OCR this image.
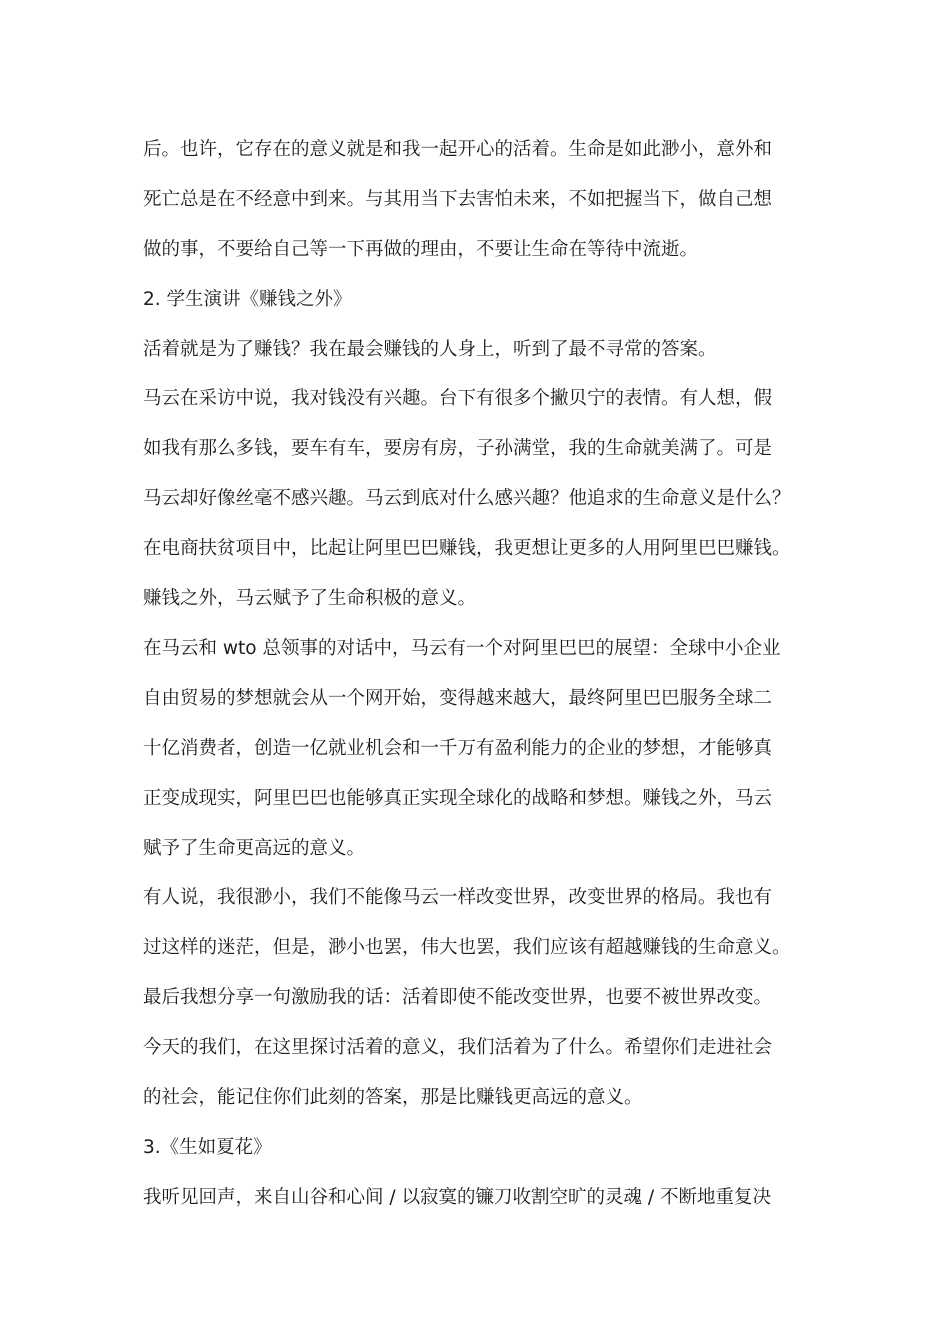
后。也许，它存在的意义就是和我一起开心的活着。生命是如此渺小，意外和
死亡总是在不经意中到来。与其用当下去害怕未来，不如把握当下，做自己想
做的事，不要给自己等一下再做的理由，不要让生命在等待中流逝。
2. 学生演讲《赚钱之外》
活着就是为了赚钱？我在最会赚钱的人身上，听到了最不寻常的答案。
马云在采访中说，我对钱没有兴趣。台下有很多个撇贝宁的表情。有人想，假
如我有那么多钱，要车有车，要房有房，子孙满堂，我的生命就美满了。可是
马云却好像丝毫不感兴趣。马云到底对什么感兴趣？他追求的生命意义是什么？
在电商扶贫项目中，比起让阿里巴巴赚钱，我更想让更多的人用阿里巴巴赚钱。
赚钱之外，马云赋予了生命积极的意义。
在马云和 wto 总领事的对话中，马云有一个对阿里巴巴的展望：全球中小企业
自由贸易的梦想就会从一个网开始，变得越来越大，最终阿里巴巴服务全球二
十亿消费者，创造一亿就业机会和一千万有盈利能力的企业的梦想，才能够真
正变成现实，阿里巴巴也能够真正实现全球化的战略和梦想。赚钱之外，马云
赋予了生命更高远的意义。
有人说，我很渺小，我们不能像马云一样改变世界，改变世界的格局。我也有
过这样的迷茫，但是，渺小也罢，伟大也罢，我们应该有超越赚钱的生命意义。
最后我想分享一句激励我的话：活着即使不能改变世界，也要不被世界改变。
今天的我们，在这里探讨活着的意义，我们活着为了什么。希望你们走进社会
的社会，能记住你们此刻的答案，那是比赚钱更高远的意义。
3.《生如夏花》
我听见回声，来自山谷和心间 / 以寂寞的镰刀收割空旷的灵魂 / 不断地重复决
